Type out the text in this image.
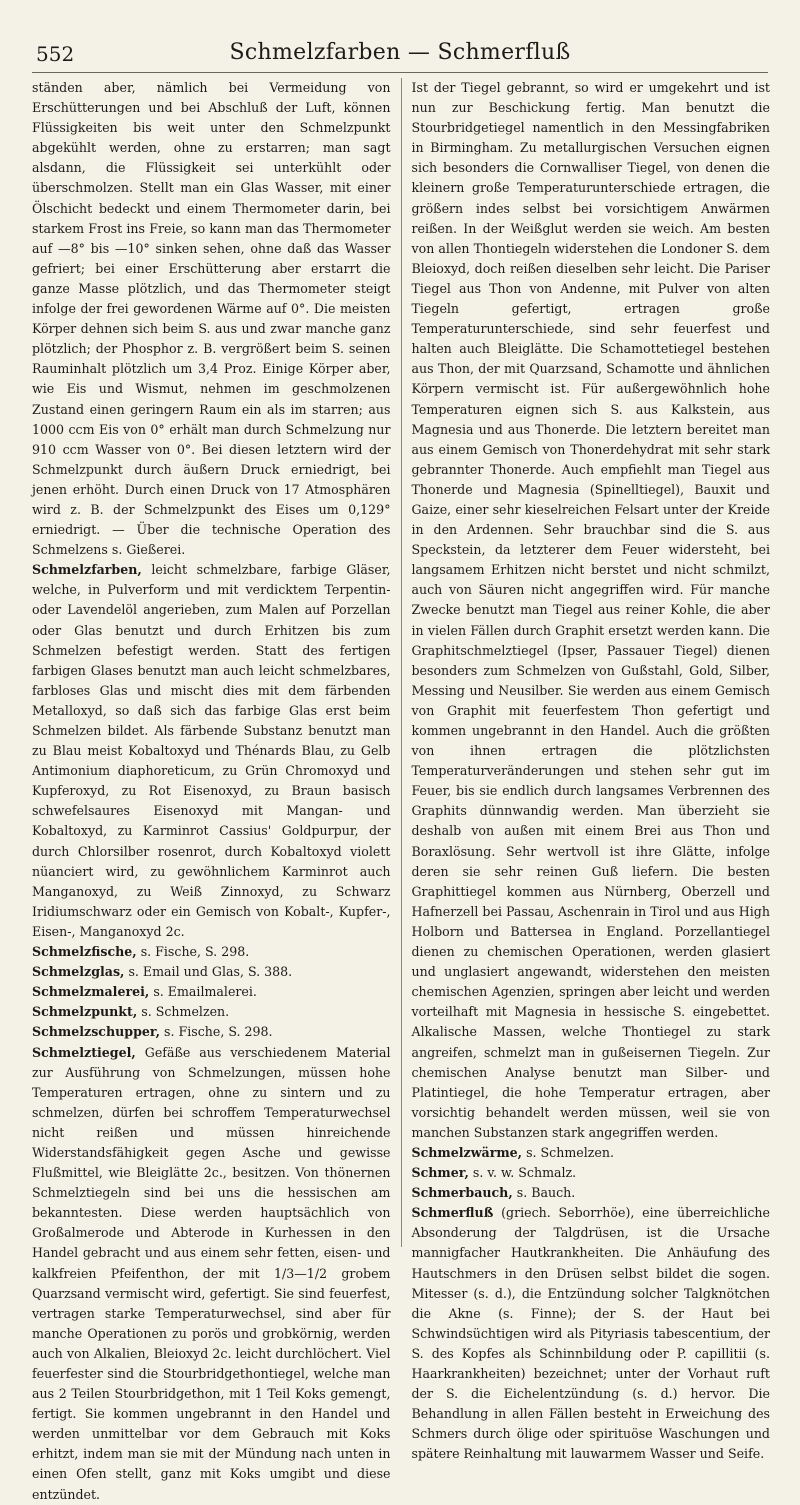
552	Schmelzfarben — Schmerfluß

ständen aber, nämlich bei Vermeidung von Erschütterungen und bei Abschluß der Luft, können Flüssigkeiten bis weit unter den Schmelzpunkt abgekühlt werden, ohne zu erstarren; man sagt alsdann, die Flüssigkeit sei unterkühlt oder überschmolzen. Stellt man ein Glas Wasser, mit einer Ölschicht bedeckt und einem Thermometer darin, bei starkem Frost ins Freie, so kann man das Thermometer auf —8° bis —10° sinken sehen, ohne daß das Wasser gefriert; bei einer Erschütterung aber erstarrt die ganze Masse plötzlich, und das Thermometer steigt infolge der frei gewordenen Wärme auf 0°. Die meisten Körper dehnen sich beim S. aus und zwar manche ganz plötzlich; der Phosphor z. B. vergrößert beim S. seinen Rauminhalt plötzlich um 3,4 Proz. Einige Körper aber, wie Eis und Wismut, nehmen im geschmolzenen Zustand einen geringern Raum ein als im starren; aus 1000 ccm Eis von 0° erhält man durch Schmelzung nur 910 ccm Wasser von 0°. Bei diesen letztern wird der Schmelzpunkt durch äußern Druck erniedrigt, bei jenen erhöht. Durch einen Druck von 17 Atmosphären wird z. B. der Schmelzpunkt des Eises um 0,129° erniedrigt. — Über die technische Operation des Schmelzens s. Gießerei.

Schmelzfarben, leicht schmelzbare, farbige Gläser, welche, in Pulverform und mit verdicktem Terpentin- oder Lavendelöl angerieben, zum Malen auf Porzellan oder Glas benutzt und durch Erhitzen bis zum Schmelzen befestigt werden. Statt des fertigen farbigen Glases benutzt man auch leicht schmelzbares, farbloses Glas und mischt dies mit dem färbenden Metalloxyd, so daß sich das farbige Glas erst beim Schmelzen bildet. Als färbende Substanz benutzt man zu Blau meist Kobaltoxyd und Thénards Blau, zu Gelb Antimonium diaphoreticum, zu Grün Chromoxyd und Kupferoxyd, zu Rot Eisenoxyd, zu Braun basisch schwefelsaures Eisenoxyd mit Mangan- und Kobaltoxyd, zu Karminrot Cassius' Goldpurpur, der durch Chlorsilber rosenrot, durch Kobaltoxyd violett nüanciert wird, zu gewöhnlichem Karminrot auch Manganoxyd, zu Weiß Zinnoxyd, zu Schwarz Iridiumschwarz oder ein Gemisch von Kobalt-, Kupfer-, Eisen-, Manganoxyd 2c.

Schmelzfische, s. Fische, S. 298.

Schmelzglas, s. Email und Glas, S. 388.

Schmelzmalerei, s. Emailmalerei.

Schmelzpunkt, s. Schmelzen.

Schmelzschupper, s. Fische, S. 298.

Schmelztiegel, Gefäße aus verschiedenem Material zur Ausführung von Schmelzungen, müssen hohe Temperaturen ertragen, ohne zu sintern und zu schmelzen, dürfen bei schroffem Temperaturwechsel nicht reißen und müssen hinreichende Widerstandsfähigkeit gegen Asche und gewisse Flußmittel, wie Bleiglätte 2c., besitzen. Von thönernen Schmelztiegeln sind bei uns die hessischen am bekanntesten. Diese werden hauptsächlich von Großalmerode und Abterode in Kurhessen in den Handel gebracht und aus einem sehr fetten, eisen- und kalkfreien Pfeifenthon, der mit 1/3—1/2 grobem Quarzsand vermischt wird, gefertigt. Sie sind feuerfest, vertragen starke Temperaturwechsel, sind aber für manche Operationen zu porös und grobkörnig, werden auch von Alkalien, Bleioxyd 2c. leicht durchlöchert. Viel feuerfester sind die Stourbridgethontiegel, welche man aus 2 Teilen Stourbridgethon, mit 1 Teil Koks gemengt, fertigt. Sie kommen ungebrannt in den Handel und werden unmittelbar vor dem Gebrauch mit Koks erhitzt, indem man sie mit der Mündung nach unten in einen Ofen stellt, ganz mit Koks umgibt und diese entzündet.

Ist der Tiegel gebrannt, so wird er umgekehrt und ist nun zur Beschickung fertig. Man benutzt die Stourbridgetiegel namentlich in den Messingfabriken in Birmingham. Zu metallurgischen Versuchen eignen sich besonders die Cornwalliser Tiegel, von denen die kleinern große Temperaturunterschiede ertragen, die größern indes selbst bei vorsichtigem Anwärmen reißen. In der Weißglut werden sie weich. Am besten von allen Thontiegeln widerstehen die Londoner S. dem Bleioxyd, doch reißen dieselben sehr leicht. Die Pariser Tiegel aus Thon von Andenne, mit Pulver von alten Tiegeln gefertigt, ertragen große Temperaturunterschiede, sind sehr feuerfest und halten auch Bleiglätte. Die Schamottetiegel bestehen aus Thon, der mit Quarzsand, Schamotte und ähnlichen Körpern vermischt ist. Für außergewöhnlich hohe Temperaturen eignen sich S. aus Kalkstein, aus Magnesia und aus Thonerde. Die letztern bereitet man aus einem Gemisch von Thonerdehydrat mit sehr stark gebrannter Thonerde. Auch empfiehlt man Tiegel aus Thonerde und Magnesia (Spinelltiegel), Bauxit und Gaize, einer sehr kieselreichen Felsart unter der Kreide in den Ardennen. Sehr brauchbar sind die S. aus Speckstein, da letzterer dem Feuer widersteht, bei langsamem Erhitzen nicht berstet und nicht schmilzt, auch von Säuren nicht angegriffen wird. Für manche Zwecke benutzt man Tiegel aus reiner Kohle, die aber in vielen Fällen durch Graphit ersetzt werden kann. Die Graphitschmelztiegel (Ipser, Passauer Tiegel) dienen besonders zum Schmelzen von Gußstahl, Gold, Silber, Messing und Neusilber. Sie werden aus einem Gemisch von Graphit mit feuerfestem Thon gefertigt und kommen ungebrannt in den Handel. Auch die größten von ihnen ertragen die plötzlichsten Temperaturveränderungen und stehen sehr gut im Feuer, bis sie endlich durch langsames Verbrennen des Graphits dünnwandig werden. Man überzieht sie deshalb von außen mit einem Brei aus Thon und Boraxlösung. Sehr wertvoll ist ihre Glätte, infolge deren sie sehr reinen Guß liefern. Die besten Graphittiegel kommen aus Nürnberg, Oberzell und Hafnerzell bei Passau, Aschenrain in Tirol und aus High Holborn und Battersea in England. Porzellantiegel dienen zu chemischen Operationen, werden glasiert und unglasiert angewandt, widerstehen den meisten chemischen Agenzien, springen aber leicht und werden vorteilhaft mit Magnesia in hessische S. eingebettet. Alkalische Massen, welche Thontiegel zu stark angreifen, schmelzt man in gußeisernen Tiegeln. Zur chemischen Analyse benutzt man Silber- und Platintiegel, die hohe Temperatur ertragen, aber vorsichtig behandelt werden müssen, weil sie von manchen Substanzen stark angegriffen werden.

Schmelzwärme, s. Schmelzen.

Schmer, s. v. w. Schmalz.

Schmerbauch, s. Bauch.

Schmerfluß (griech. Seborrhöe), eine überreichliche Absonderung der Talgdrüsen, ist die Ursache mannigfacher Hautkrankheiten. Die Anhäufung des Hautschmers in den Drüsen selbst bildet die sogen. Mitesser (s. d.), die Entzündung solcher Talgknötchen die Akne (s. Finne); der S. der Haut bei Schwindsüchtigen wird als Pityriasis tabescentium, der S. des Kopfes als Schinnbildung oder P. capillitii (s. Haarkrankheiten) bezeichnet; unter der Vorhaut ruft der S. die Eichelentzündung (s. d.) hervor. Die Behandlung in allen Fällen besteht in Erweichung des Schmers durch ölige oder spirituöse Waschungen und spätere Reinhaltung mit lauwarmem Wasser und Seife.
